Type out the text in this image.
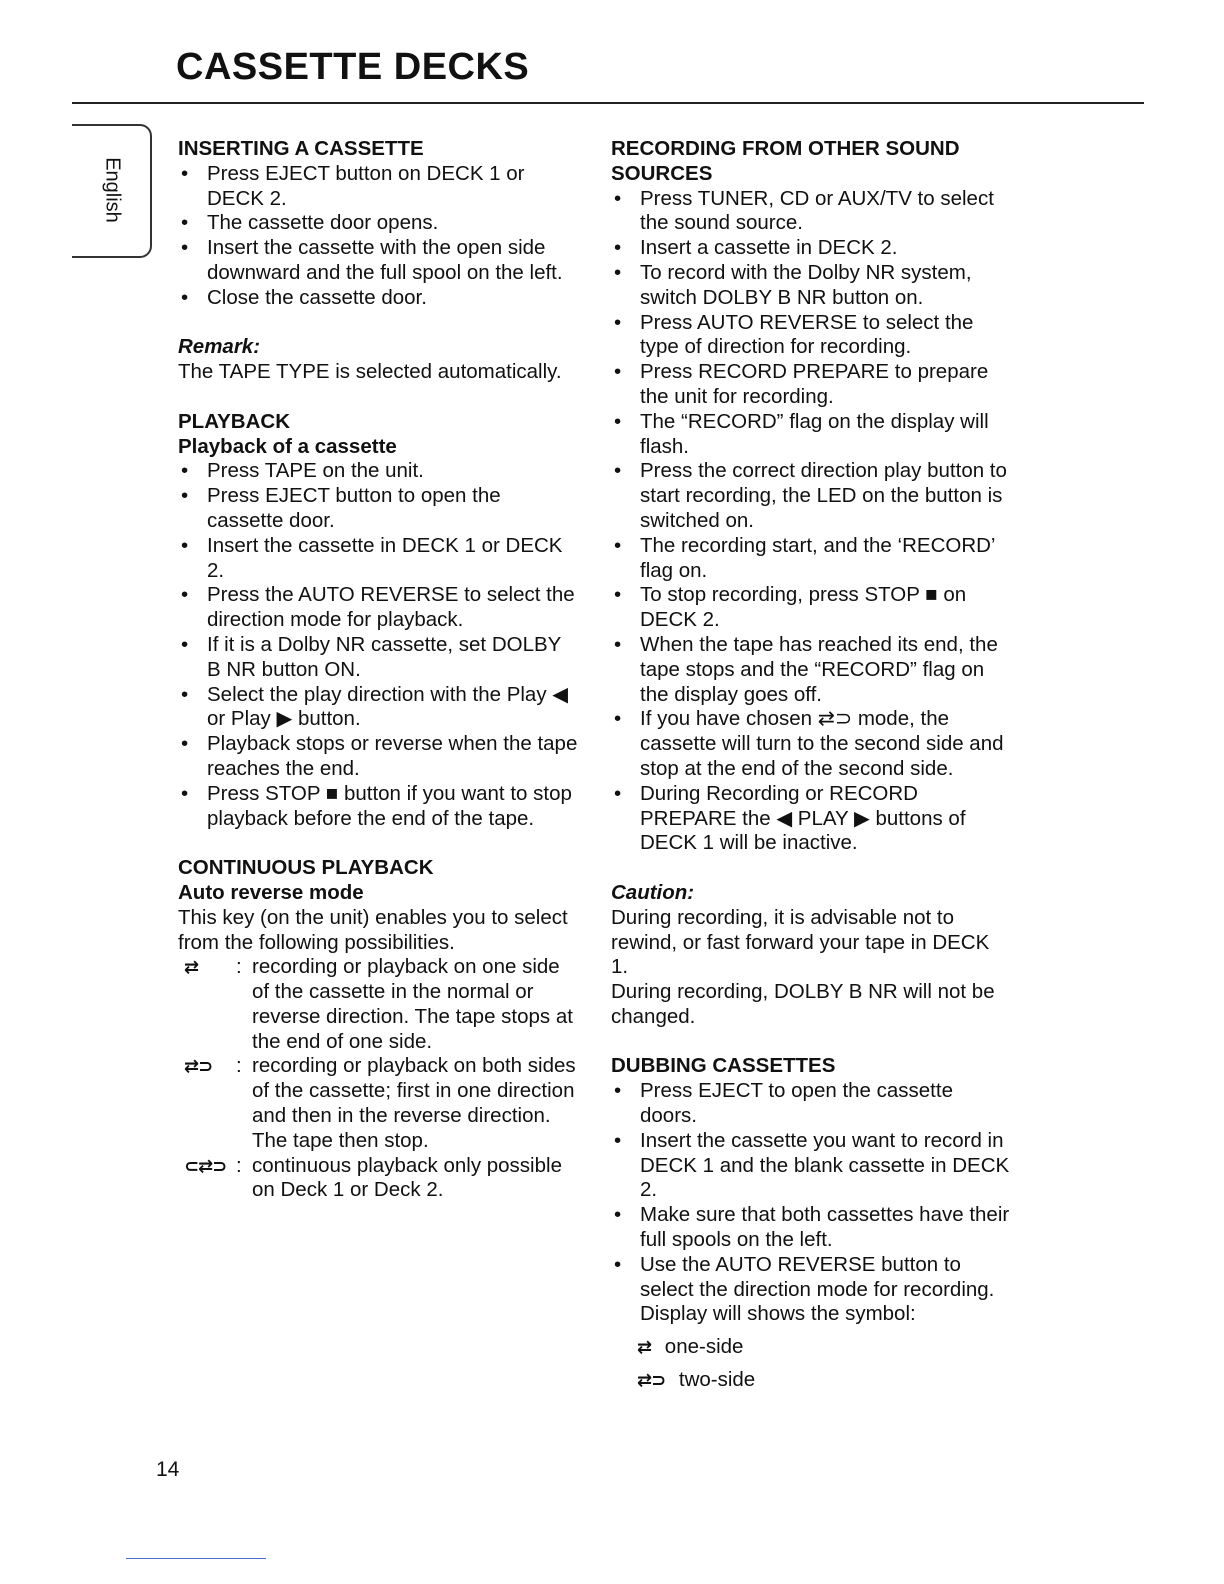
CASSETTE DECKS
English

INSERTING A CASSETTE

• Press EJECT button on DECK 1 or DECK 2.
• The cassette door opens.
• Insert the cassette with the open side downward and the full spool on the left.
• Close the cassette door.

Remark:

The TAPE TYPE is selected automatically.

PLAYBACK

Playback of a cassette

• Press TAPE on the unit.
• Press EJECT button to open the cassette door.
• Insert the cassette in DECK 1 or DECK 2.
• Press the AUTO REVERSE to select the direction mode for playback.
• If it is a Dolby NR cassette, set DOLBY B NR button ON.
• Select the play direction with the Play ◀ or Play ▶ button.
• Playback stops or reverse when the tape reaches the end.
• Press STOP ■ button if you want to stop playback before the end of the tape.

CONTINUOUS PLAYBACK

Auto reverse mode

This key (on the unit) enables you to select from the following possibilities.

⇄	: recording or playback on one side of the cassette in the normal or reverse direction. The tape stops at the end of one side.
⇄⊃	: recording or playback on both sides of the cassette; first in one direction and then in the reverse direction. The tape then stop.
⊂⇄⊃ : continuous playback only possible on Deck 1 or Deck 2.

RECORDING FROM OTHER SOUND SOURCES

• Press TUNER, CD or AUX/TV to select the sound source.
• Insert a cassette in DECK 2.
• To record with the Dolby NR system, switch DOLBY B NR button on.
• Press AUTO REVERSE to select the type of direction for recording.
• Press RECORD PREPARE to prepare the unit for recording.
• The “RECORD” flag on the display will flash.
• Press the correct direction play button to start recording, the LED on the button is switched on.
• The recording start, and the ‘RECORD’ flag on.
• To stop recording, press STOP ■ on DECK 2.
• When the tape has reached its end, the tape stops and the “RECORD” flag on the display goes off.
• If you have chosen ⇄⊃ mode, the cassette will turn to the second side and stop at the end of the second side.
• During Recording or RECORD PREPARE the ◀ PLAY ▶ buttons of DECK 1 will be inactive.

Caution:

During recording, it is advisable not to rewind, or fast forward your tape in DECK 1.

During recording, DOLBY B NR will not be changed.

DUBBING CASSETTES

• Press EJECT to open the cassette doors.
• Insert the cassette you want to record in DECK 1 and the blank cassette in DECK 2.
• Make sure that both cassettes have their full spools on the left.
• Use the AUTO REVERSE button to select the direction mode for recording. Display will shows the symbol:
⇄ one-side
⇄⊃ two-side
14
